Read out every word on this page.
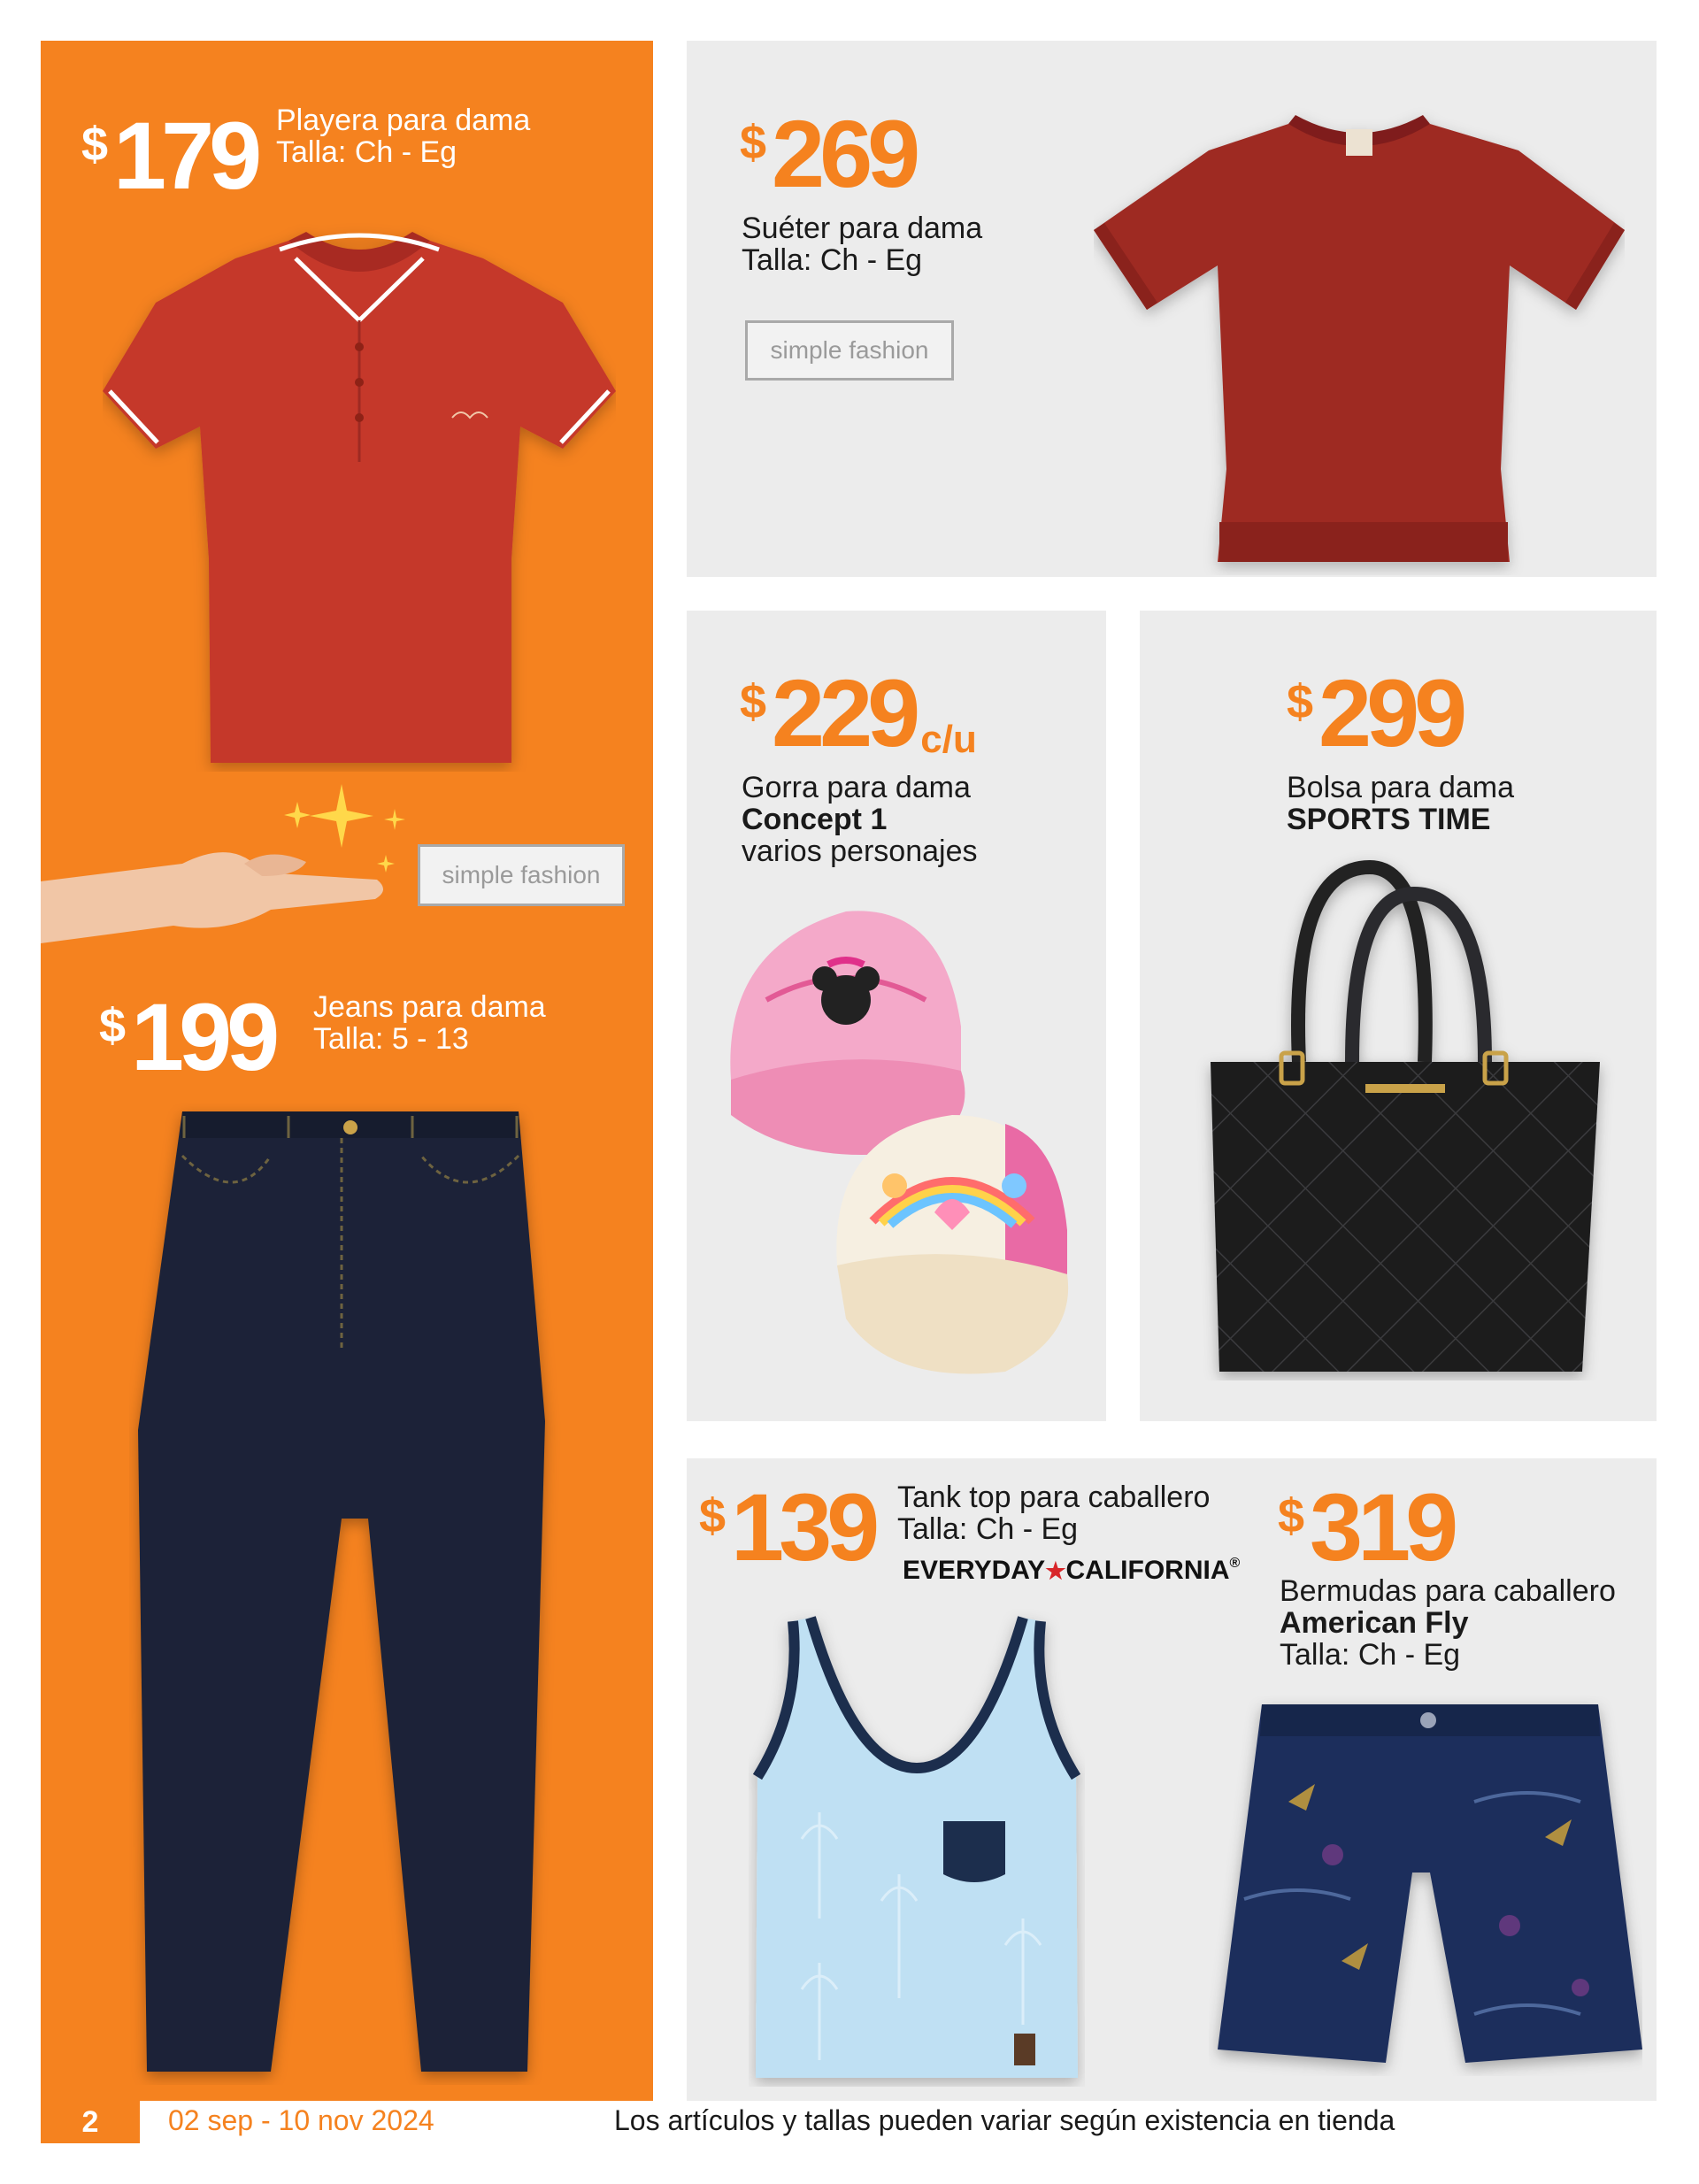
$ 179 Playera para dama
Talla: Ch - Eg
simple fashion
$ 199 Jeans para dama
Talla: 5 - 13
$ 269
Suéter para dama
Talla: Ch - Eg
simple fashion
$ 229 c/u
Gorra para dama
Concept 1
varios personajes
$ 299
Bolsa para dama
SPORTS TIME
$ 139 Tank top para caballero
Talla: Ch - Eg	$ 319
Bermudas para caballero
American Fly
Talla: Ch - Eg
EVERYDAY★CALIFORNIA®
2	02 sep - 10 nov 2024	Los artículos y tallas pueden variar según existencia en tienda
